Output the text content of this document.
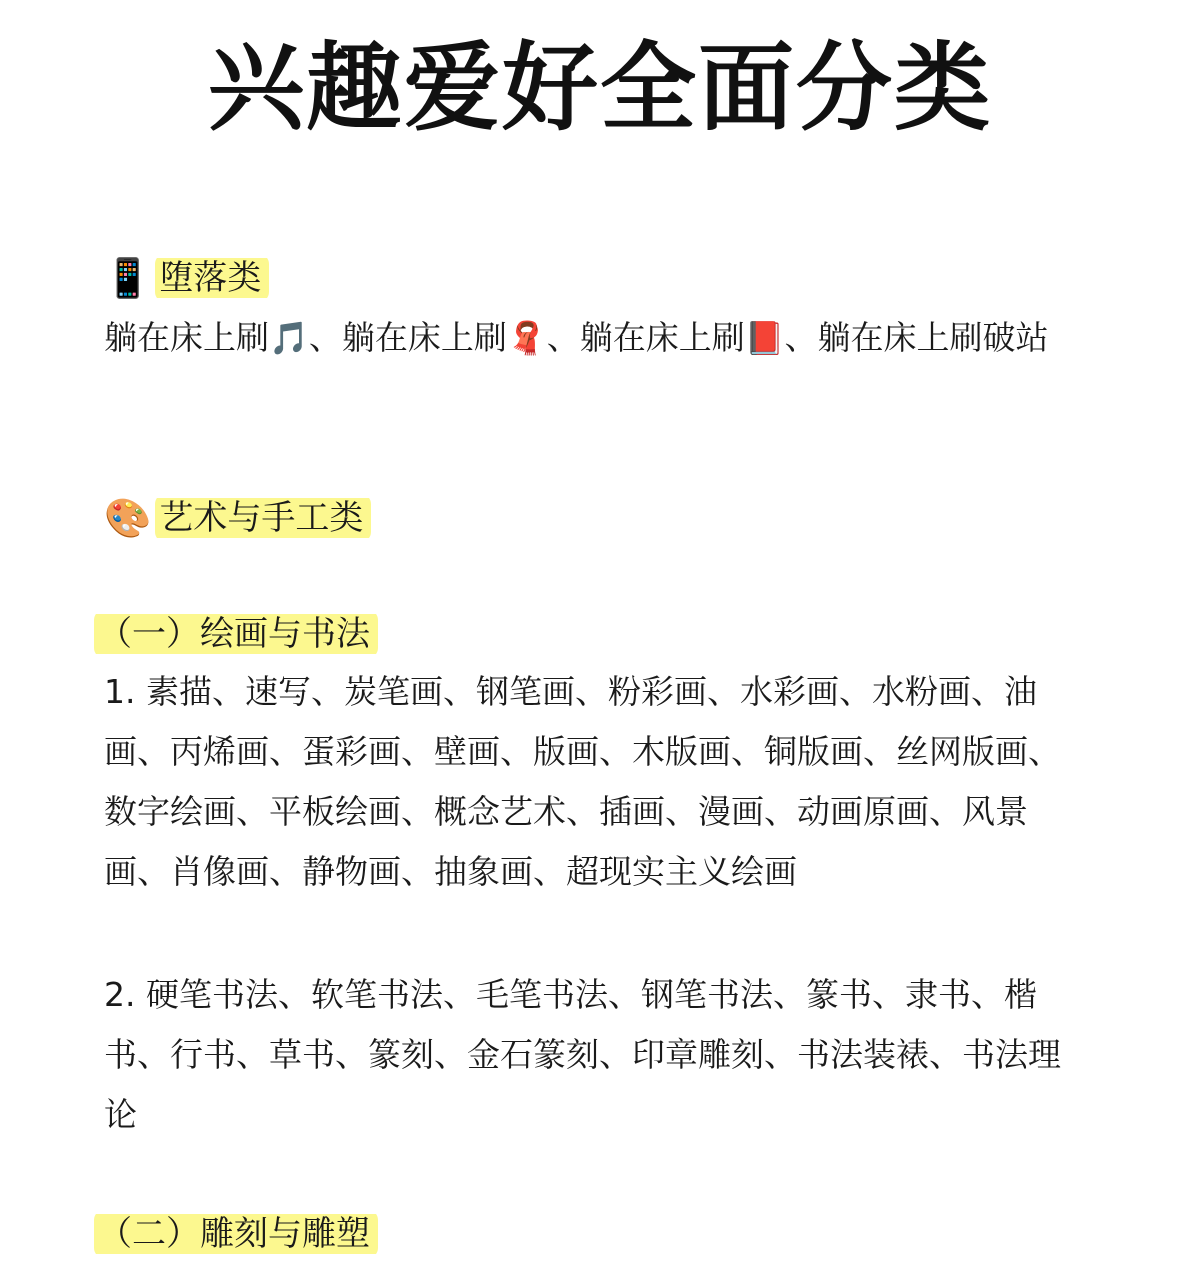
兴趣爱好全面分类
📱 堕落类
躺在床上刷🎵、躺在床上刷🧣、躺在床上刷📕、躺在床上刷破站
🎨 艺术与手工类
（一）绘画与书法
1. 素描、速写、炭笔画、钢笔画、粉彩画、水彩画、水粉画、油画、丙烯画、蛋彩画、壁画、版画、木版画、铜版画、丝网版画、数字绘画、平板绘画、概念艺术、插画、漫画、动画原画、风景画、肖像画、静物画、抽象画、超现实主义绘画
2. 硬笔书法、软笔书法、毛笔书法、钢笔书法、篆书、隶书、楷书、行书、草书、篆刻、金石篆刻、印章雕刻、书法装裱、书法理论
（二）雕刻与雕塑
